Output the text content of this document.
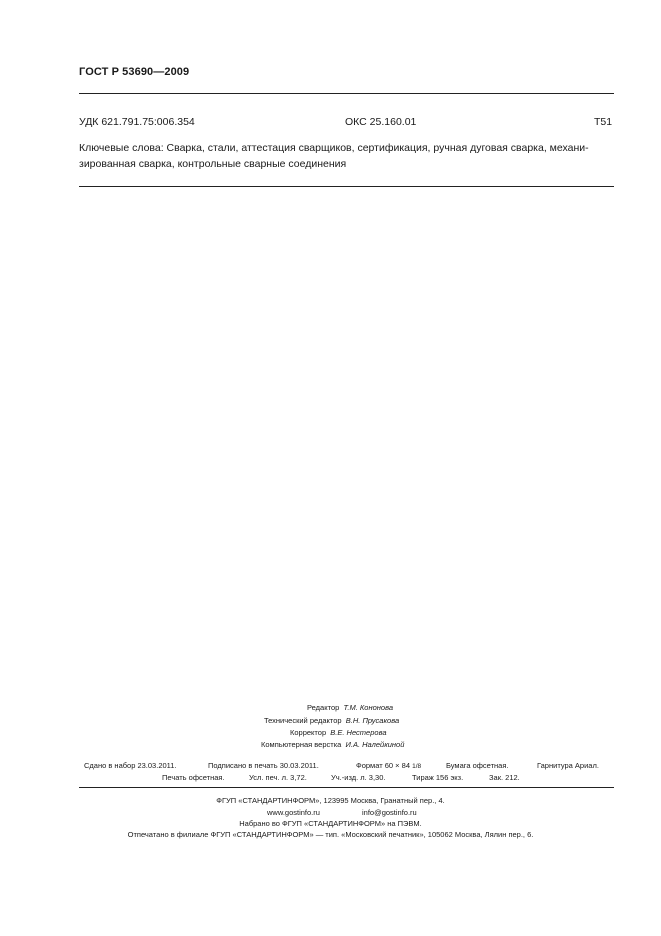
ГОСТ Р 53690—2009
УДК 621.791.75:006.354	ОКС 25.160.01	Т51
Ключевые слова: Сварка, стали, аттестация сварщиков, сертификация, ручная дуговая сварка, механи-
зированная сварка, контрольные сварные соединения
Редактор Т.М. Кононова
Технический редактор В.Н. Прусакова
Корректор В.Е. Нестерова
Компьютерная верстка И.А. Налейкиной
Сдано в набор 23.03.2011.	Подписано в печать 30.03.2011.	Формат 60 × 84 1/8	Бумага офсетная.	Гарнитура Ариал.
Печать офсетная.	Усл. печ. л. 3,72.	Уч.-изд. л. 3,30.	Тираж 156 экз.	Зак. 212.
ФГУП «СТАНДАРТИНФОРМ», 123995 Москва, Гранатный пер., 4.
www.gostinfo.ru	info@gostinfo.ru
Набрано во ФГУП «СТАНДАРТИНФОРМ» на ПЭВМ.
Отпечатано в филиале ФГУП «СТАНДАРТИНФОРМ» — тип. «Московский печатник», 105062 Москва, Лялин пер., 6.
